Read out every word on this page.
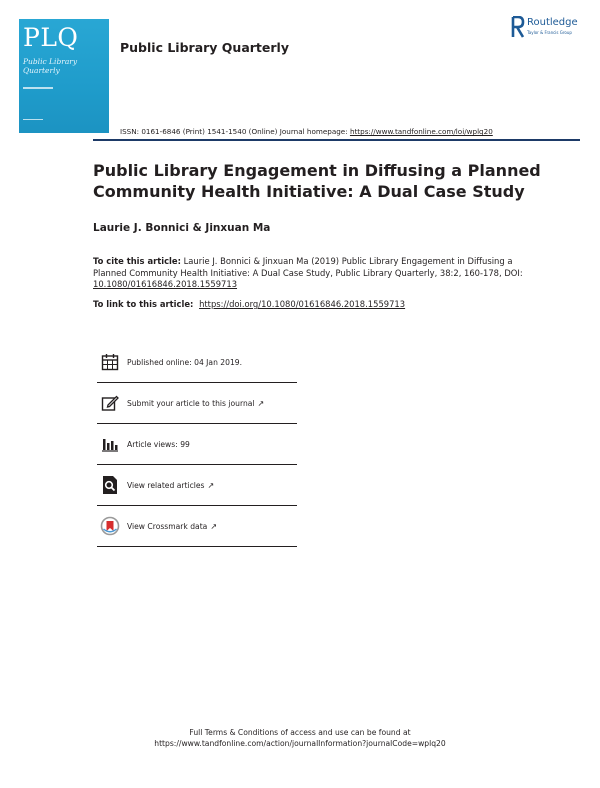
PLQ
Public Library Quarterly
Public Library Quarterly
Routledge
Taylor & Francis Group
ISSN: 0161-6846 (Print) 1541-1540 (Online) Journal homepage: https://www.tandfonline.com/loi/wplq20
Public Library Engagement in Diffusing a Planned Community Health Initiative: A Dual Case Study
Laurie J. Bonnici & Jinxuan Ma
To cite this article: Laurie J. Bonnici & Jinxuan Ma (2019) Public Library Engagement in Diffusing a Planned Community Health Initiative: A Dual Case Study, Public Library Quarterly, 38:2, 160-178, DOI: 10.1080/01616846.2018.1559713
To link to this article: https://doi.org/10.1080/01616846.2018.1559713
Published online: 04 Jan 2019.
Submit your article to this journal ↗
Article views: 99
View related articles ↗
View Crossmark data ↗
Full Terms & Conditions of access and use can be found at
https://www.tandfonline.com/action/journalInformation?journalCode=wplq20
